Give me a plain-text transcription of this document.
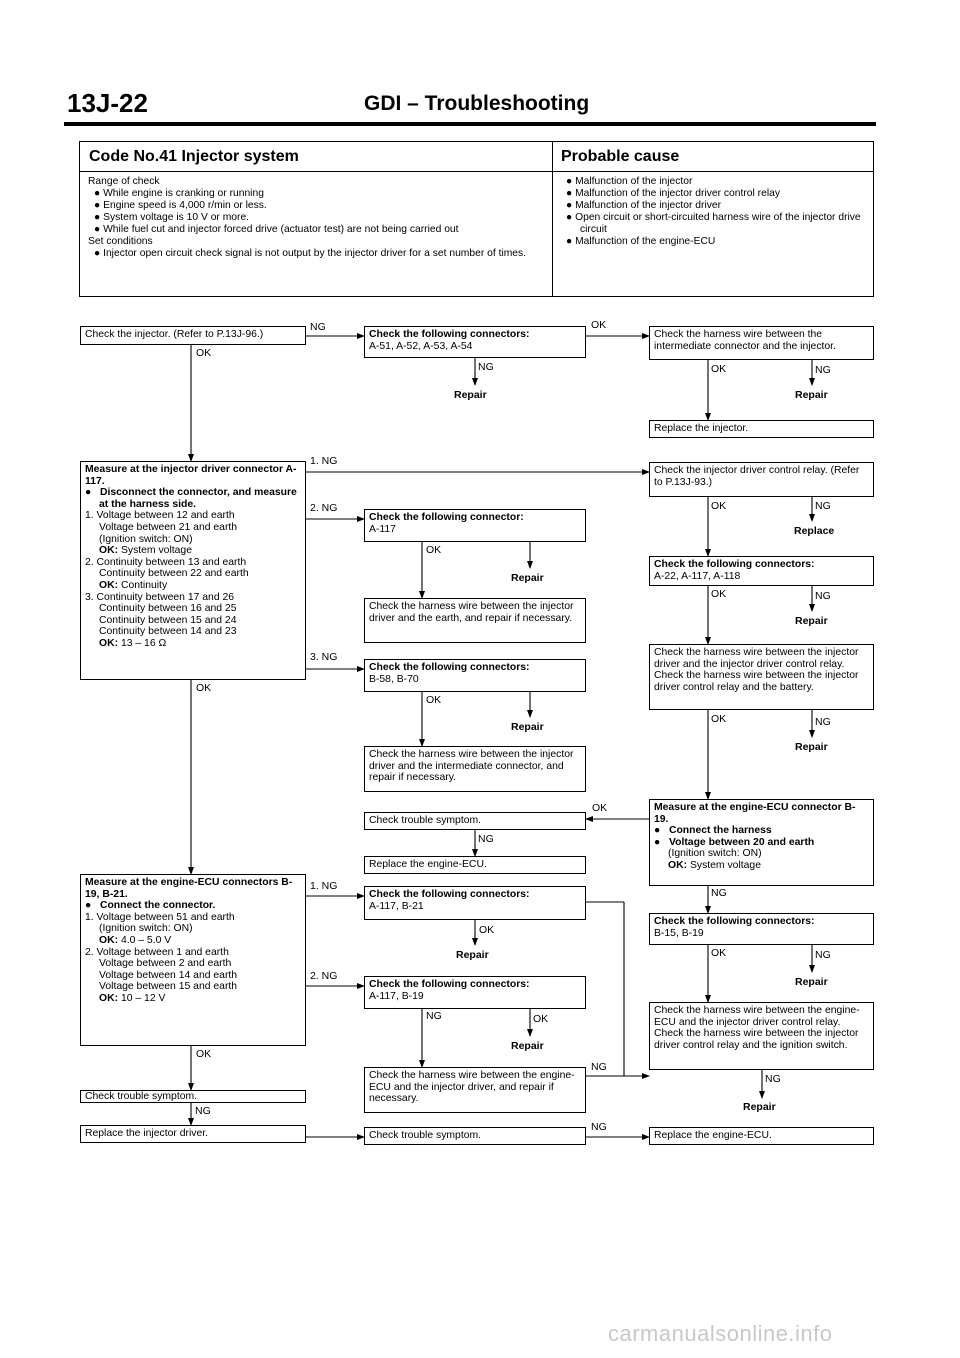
13J-22	GDI – Troubleshooting
Code No.41 Injector system
Range of check
● While engine is cranking or running
● Engine speed is 4,000 r/min or less.
● System voltage is 10 V or more.
● While fuel cut and injector forced drive (actuator test) are not being carried out
Set conditions
● Injector open circuit check signal is not output by the injector driver for a set number of times.
Probable cause
● Malfunction of the injector
● Malfunction of the injector driver control relay
● Malfunction of the injector driver
● Open circuit or short-circuited harness wire of the injector drive circuit
● Malfunction of the engine-ECU
Check the injector. (Refer to P.13J-96.)
NG
OK
Check the following connectors:
A-51, A-52, A-53, A-54
NG
Repair
OK
Check the harness wire between the intermediate connector and the injector.
OK	NG
Repair
Replace the injector.
Measure at the injector driver connector A-117.
●   Disconnect the connector, and measure at the harness side.
1. Voltage between 12 and earth
Voltage between 21 and earth
(Ignition switch: ON)
OK: System voltage
2. Continuity between 13 and earth
Continuity between 22 and earth
OK: Continuity
3. Continuity between 17 and 26
Continuity between 16 and 25
Continuity between 15 and 24
Continuity between 14 and 23
OK: 13 – 16 Ω
1. NG
2. NG
3. NG
OK
Check the following connector:
A-117
OK
Repair
Check the harness wire between the injector driver and the earth, and repair if necessary.
Check the following connectors:
B-58, B-70
OK
Repair
Check the harness wire between the injector driver and the intermediate connector, and repair if necessary.
Check the injector driver control relay. (Refer to P.13J-93.)
OK	NG
Replace
Check the following connectors:
A-22, A-117, A-118
OK	NG
Repair
Check the harness wire between the injector driver and the injector driver control relay. Check the harness wire between the injector driver control relay and the battery.
OK	NG
Repair
Check trouble symptom.
OK
NG
Replace the engine-ECU.
Measure at the engine-ECU connector B-19.
●   Connect the harness
●   Voltage between 20 and earth
(Ignition switch: ON)
OK: System voltage
NG
Check the following connectors:
B-15, B-19
OK	NG
Repair
Check the harness wire between the engine-ECU and the injector driver control relay. Check the harness wire between the injector driver control relay and the ignition switch.
NG
Repair
Measure at the engine-ECU connectors B-19, B-21.
●   Connect the connector.
1. Voltage between 51 and earth
(Ignition switch: ON)
OK: 4.0 – 5.0 V
2. Voltage between 1 and earth
Voltage between 2 and earth
Voltage between 14 and earth
Voltage between 15 and earth
OK: 10 – 12 V
1. NG
2. NG
OK
Check the following connectors:
A-117, B-21
OK
Repair
Check the following connectors:
A-117, B-19
NG	OK
Repair
Check the harness wire between the engine-ECU and the injector driver, and repair if necessary.
NG
Check trouble symptom.
NG
Replace the injector driver.	Check trouble symptom.
NG
Replace the engine-ECU.
carmanualsonline.info
